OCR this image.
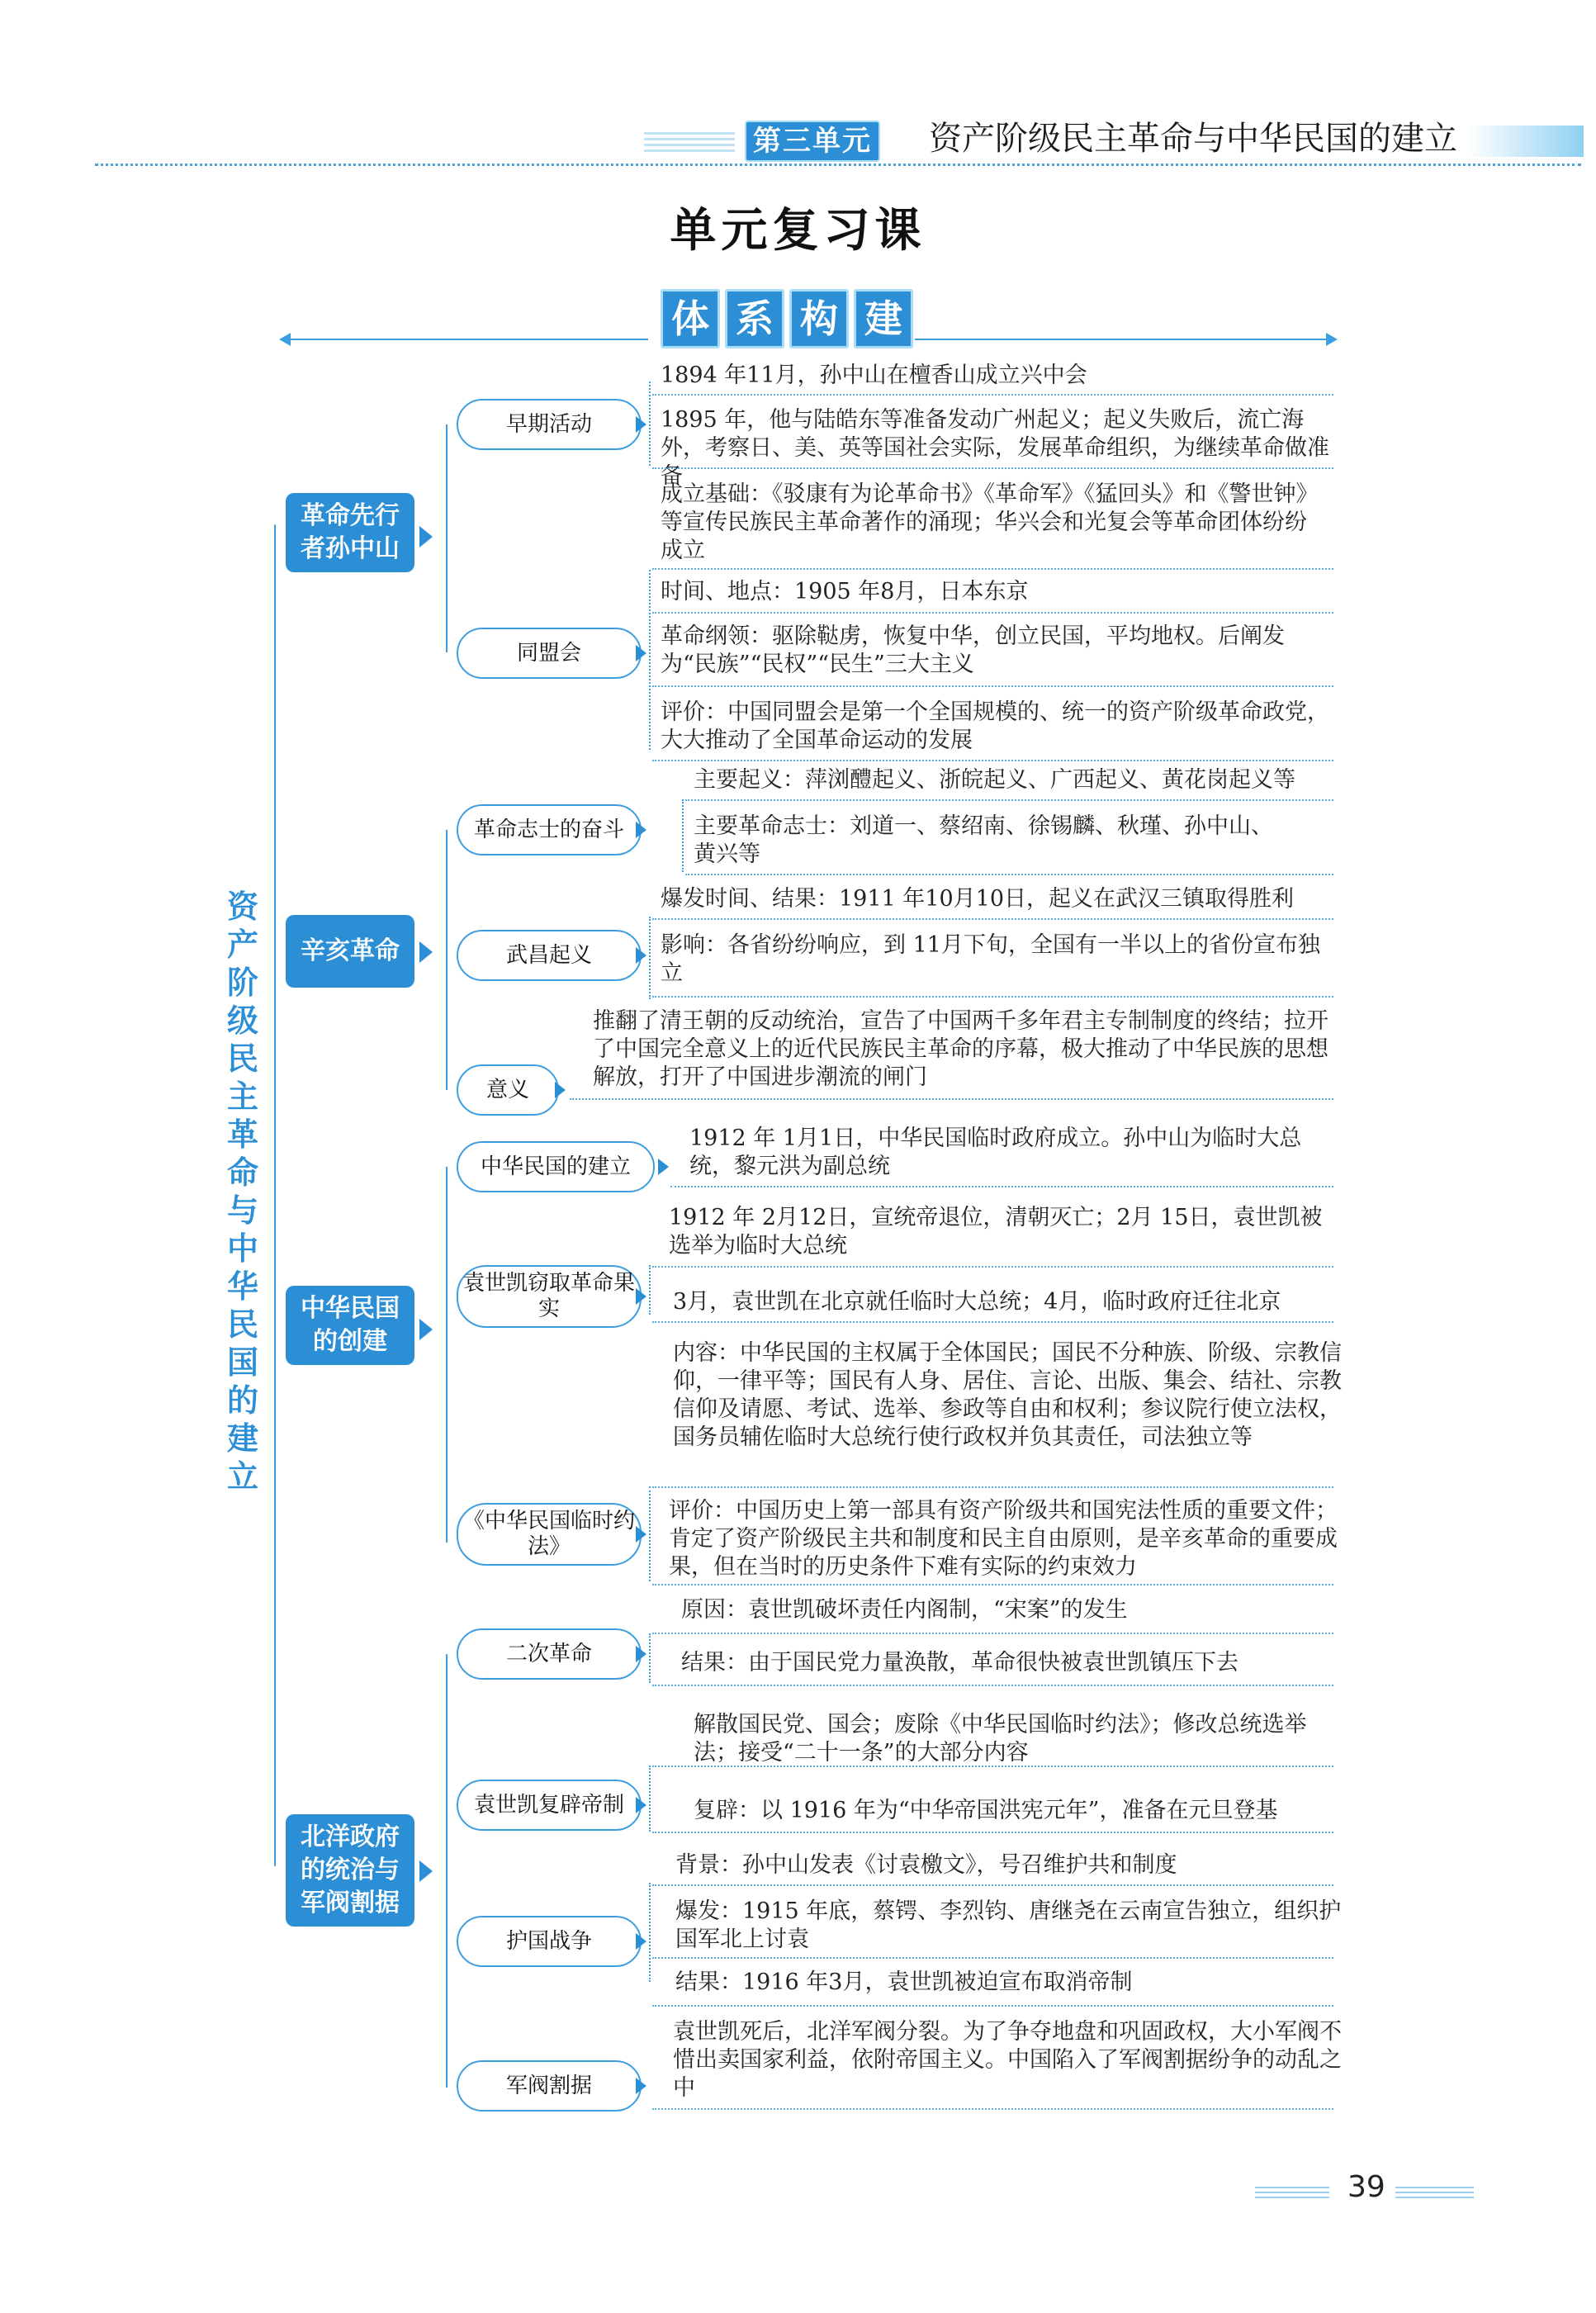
第三单元 资产阶级民主革命与中华民国的建立
单元复习课
体 系 构 建
资产阶级民主革命与中华民国的建立
革命先行者孙中山
早期活动
1894 年11月，孙中山在檀香山成立兴中会
1895 年，他与陆皓东等准备发动广州起义；起义失败后，流亡海外，考察日、美、英等国社会实际，发展革命组织，为继续革命做准备
同盟会
成立基础：《驳康有为论革命书》《革命军》《猛回头》和《警世钟》等宣传民族民主革命著作的涌现；华兴会和光复会等革命团体纷纷成立
时间、地点：1905 年8月，日本东京
革命纲领：驱除鞑虏，恢复中华，创立民国，平均地权。后阐发为“民族”“民权”“民生”三大主义
评价：中国同盟会是第一个全国规模的、统一的资产阶级革命政党，大大推动了全国革命运动的发展
辛亥革命
革命志士的奋斗
主要起义：萍浏醴起义、浙皖起义、广西起义、黄花岗起义等
主要革命志士：刘道一、蔡绍南、徐锡麟、秋瑾、孙中山、黄兴等
武昌起义
爆发时间、结果：1911 年10月10日，起义在武汉三镇取得胜利
影响：各省纷纷响应，到 11月下旬，全国有一半以上的省份宣布独立
意义
推翻了清王朝的反动统治，宣告了中国两千多年君主专制制度的终结；拉开了中国完全意义上的近代民族民主革命的序幕，极大推动了中华民族的思想解放，打开了中国进步潮流的闸门
中华民国的创建
中华民国的建立
1912 年 1月1日，中华民国临时政府成立。孙中山为临时大总统，黎元洪为副总统
袁世凯窃取革命果实
1912 年 2月12日，宣统帝退位，清朝灭亡；2月 15日，袁世凯被选举为临时大总统
3月，袁世凯在北京就任临时大总统；4月，临时政府迁往北京
《中华民国临时约法》
内容：中华民国的主权属于全体国民；国民不分种族、阶级、宗教信仰，一律平等；国民有人身、居住、言论、出版、集会、结社、宗教信仰及请愿、考试、选举、参政等自由和权利；参议院行使立法权，国务员辅佐临时大总统行使行政权并负其责任，司法独立等
评价：中国历史上第一部具有资产阶级共和国宪法性质的重要文件；肯定了资产阶级民主共和制度和民主自由原则，是辛亥革命的重要成果，但在当时的历史条件下难有实际的约束效力
北洋政府的统治与军阀割据
二次革命
原因：袁世凯破坏责任内阁制，“宋案”的发生
结果：由于国民党力量涣散，革命很快被袁世凯镇压下去
袁世凯复辟帝制
解散国民党、国会；废除《中华民国临时约法》；修改总统选举法；接受“二十一条”的大部分内容
复辟：以 1916 年为“中华帝国洪宪元年”，准备在元旦登基
护国战争
背景：孙中山发表《讨袁檄文》，号召维护共和制度
爆发：1915 年底，蔡锷、李烈钧、唐继尧在云南宣告独立，组织护国军北上讨袁
结果：1916 年3月，袁世凯被迫宣布取消帝制
军阀割据
袁世凯死后，北洋军阀分裂。为了争夺地盘和巩固政权，大小军阀不惜出卖国家利益，依附帝国主义。中国陷入了军阀割据纷争的动乱之中
39
